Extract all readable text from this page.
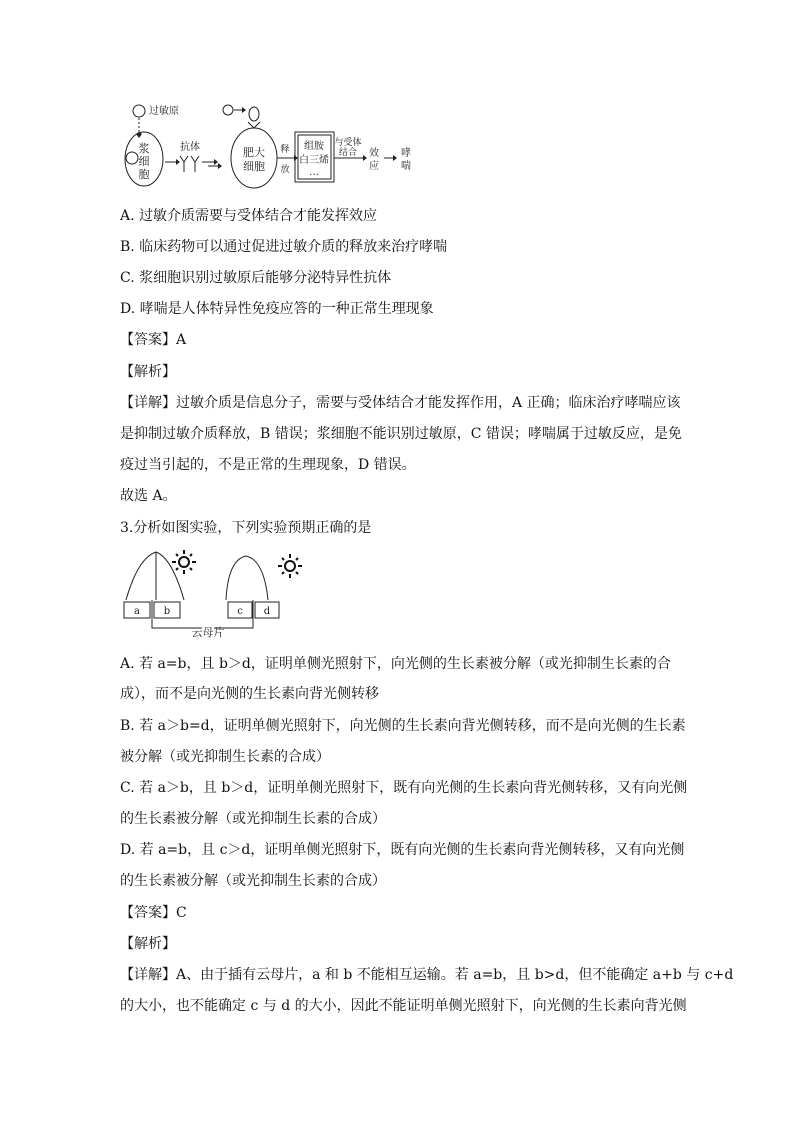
过敏原
浆
细
胞
抗体	肥大
细胞
释
放
组胺
白三烯
…
与受体
结合 效
应
哮
喘
A. 过敏介质需要与受体结合才能发挥效应
B. 临床药物可以通过促进过敏介质的释放来治疗哮喘
C. 浆细胞识别过敏原后能够分泌特异性抗体
D. 哮喘是人体特异性免疫应答的一种正常生理现象
【答案】A
【解析】
【详解】过敏介质是信息分子，需要与受体结合才能发挥作用，A 正确；临床治疗哮喘应该
是抑制过敏介质释放，B 错误；浆细胞不能识别过敏原，C 错误；哮喘属于过敏反应，是免
疫过当引起的，不是正常的生理现象，D 错误。
故选 A。
3.分析如图实验，下列实验预期正确的是
a b	c d
云母片
A. 若 a=b，且 b＞d，证明单侧光照射下，向光侧的生长素被分解（或光抑制生长素的合
成），而不是向光侧的生长素向背光侧转移
B. 若 a＞b=d，证明单侧光照射下，向光侧的生长素向背光侧转移，而不是向光侧的生长素
被分解（或光抑制生长素的合成）
C. 若 a＞b，且 b＞d，证明单侧光照射下，既有向光侧的生长素向背光侧转移，又有向光侧
的生长素被分解（或光抑制生长素的合成）
D. 若 a=b，且 c＞d，证明单侧光照射下，既有向光侧的生长素向背光侧转移，又有向光侧
的生长素被分解（或光抑制生长素的合成）
【答案】C
【解析】
【详解】A、由于插有云母片，a 和 b 不能相互运输。若 a=b，且 b>d，但不能确定 a+b 与 c+d
的大小，也不能确定 c 与 d 的大小，因此不能证明单侧光照射下，向光侧的生长素向背光侧
